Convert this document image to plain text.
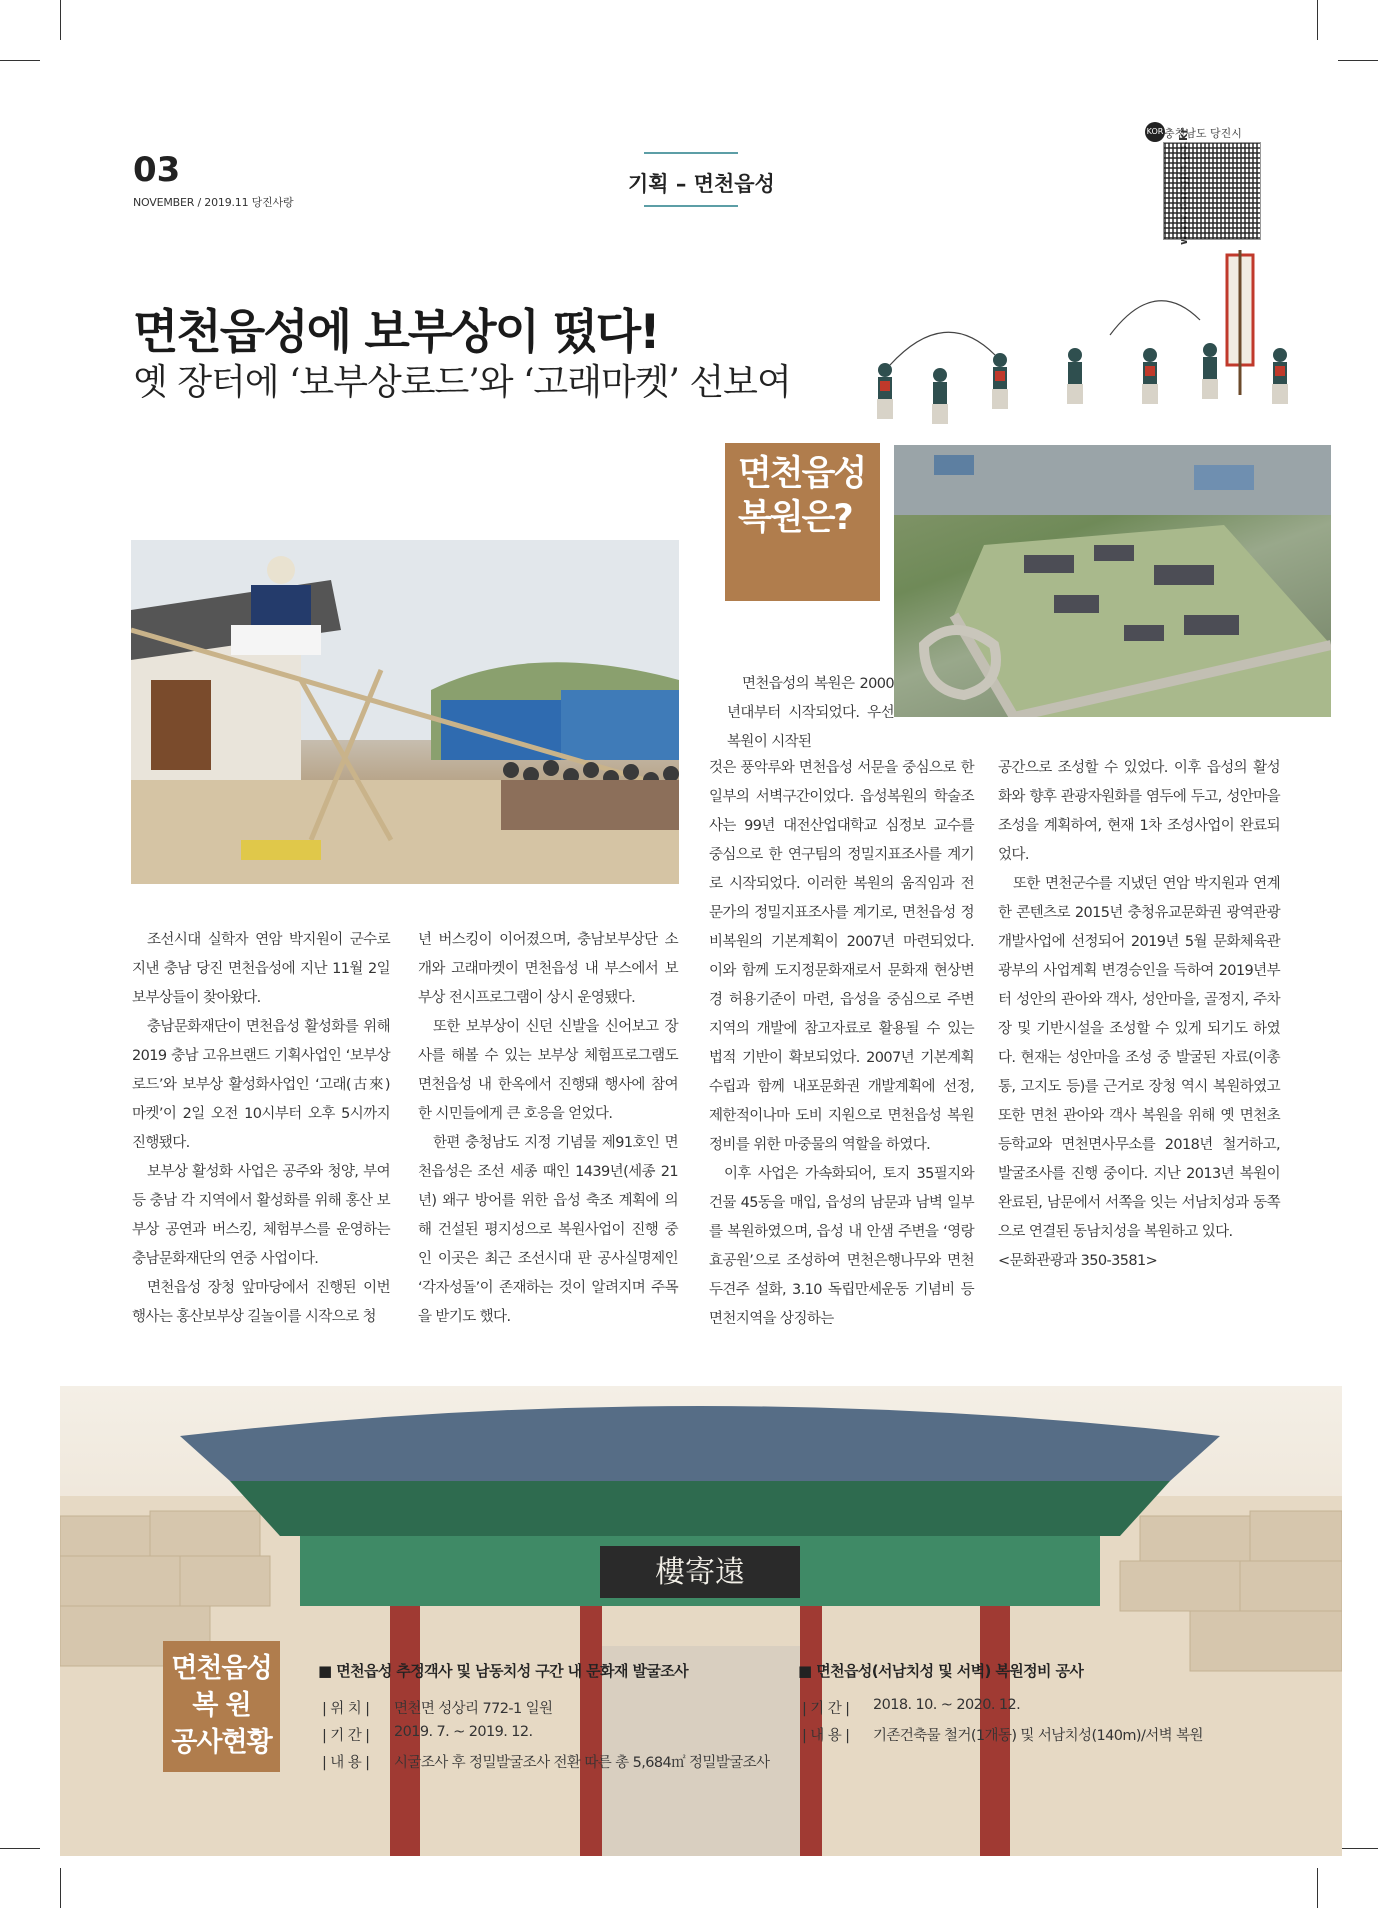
03
NOVEMBER / 2019.11 당진사랑
기획 – 면천읍성
KOR 충청남도 당진시
면천읍성에 보부상이 떴다!
옛 장터에 ‘보부상로드’와 ‘고래마켓’ 선보여
면천읍성
복원은?

조선시대 실학자 연암 박지원이 군수로 지낸 충남 당진 면천읍성에 지난 11월 2일 보부상들이 찾아왔다.

충남문화재단이 면천읍성 활성화를 위해 2019 충남 고유브랜드 기획사업인 ‘보부상로드’와 보부상 활성화사업인 ‘고래(古來)마켓’이 2일 오전 10시부터 오후 5시까지 진행됐다.

보부상 활성화 사업은 공주와 청양, 부여 등 충남 각 지역에서 활성화를 위해 홍산 보부상 공연과 버스킹, 체험부스를 운영하는 충남문화재단의 연중 사업이다.

면천읍성 장청 앞마당에서 진행된 이번 행사는 홍산보부상 길놀이를 시작으로 청

년 버스킹이 이어졌으며, 충남보부상단 소개와 고래마켓이 면천읍성 내 부스에서 보부상 전시프로그램이 상시 운영됐다.

또한 보부상이 신던 신발을 신어보고 장사를 해볼 수 있는 보부상 체험프로그램도 면천읍성 내 한옥에서 진행돼 행사에 참여한 시민들에게 큰 호응을 얻었다.

한편 충청남도 지정 기념물 제91호인 면천읍성은 조선 세종 때인 1439년(세종 21년) 왜구 방어를 위한 읍성 축조 계획에 의해 건설된 평지성으로 복원사업이 진행 중인 이곳은 최근 조선시대 판 공사실명제인 ‘각자성돌’이 존재하는 것이 알려지며 주목을 받기도 했다.

면천읍성의 복원은 2000년대부터 시작되었다. 우선 복원이 시작된

것은 풍악루와 면천읍성 서문을 중심으로 한 일부의 서벽구간이었다. 읍성복원의 학술조사는 99년 대전산업대학교 심정보 교수를 중심으로 한 연구팀의 정밀지표조사를 계기로 시작되었다. 이러한 복원의 움직임과 전문가의 정밀지표조사를 계기로, 면천읍성 정비복원의 기본계획이 2007년 마련되었다. 이와 함께 도지정문화재로서 문화재 현상변경 허용기준이 마련, 읍성을 중심으로 주변지역의 개발에 참고자료로 활용될 수 있는 법적 기반이 확보되었다. 2007년 기본계획 수립과 함께 내포문화권 개발계획에 선정, 제한적이나마 도비 지원으로 면천읍성 복원정비를 위한 마중물의 역할을 하였다.

이후 사업은 가속화되어, 토지 35필지와 건물 45동을 매입, 읍성의 남문과 남벽 일부를 복원하였으며, 읍성 내 안샘 주변을 ‘영랑효공원’으로 조성하여 면천은행나무와 면천두견주 설화, 3.10 독립만세운동 기념비 등 면천지역을 상징하는

공간으로 조성할 수 있었다. 이후 읍성의 활성화와 향후 관광자원화를 염두에 두고, 성안마을 조성을 계획하여, 현재 1차 조성사업이 완료되었다.

또한 면천군수를 지냈던 연암 박지원과 연계한 콘텐츠로 2015년 충청유교문화권 광역관광개발사업에 선정되어 2019년 5월 문화체육관광부의 사업계획 변경승인을 득하여 2019년부터 성안의 관아와 객사, 성안마을, 골정지, 주차장 및 기반시설을 조성할 수 있게 되기도 하였다. 현재는 성안마을 조성 중 발굴된 자료(이총통, 고지도 등)를 근거로 장청 역시 복원하였고 또한 면천 관아와 객사 복원을 위해 옛 면천초등학교와 면천면사무소를 2018년 철거하고, 발굴조사를 진행 중이다. 지난 2013년 복원이 완료된, 남문에서 서쪽을 잇는 서남치성과 동쪽으로 연결된 동남치성을 복원하고 있다.

<문화관광과 350-3581>

樓寄遠
면천읍성
복 원
공사현황
■ 면천읍성 추정객사 및 남동치성 구간 내 문화재 발굴조사
| 위 치 | 면천면 성상리 772-1 일원
| 기 간 | 2019. 7. ~ 2019. 12.
| 내 용 | 시굴조사 후 정밀발굴조사 전환 따른 총 5,684㎡ 정밀발굴조사
■ 면천읍성(서남치성 및 서벽) 복원정비 공사
| 기 간 | 2018. 10. ~ 2020. 12.
| 내 용 | 기존건축물 철거(1개동) 및 서남치성(140m)/서벽 복원
